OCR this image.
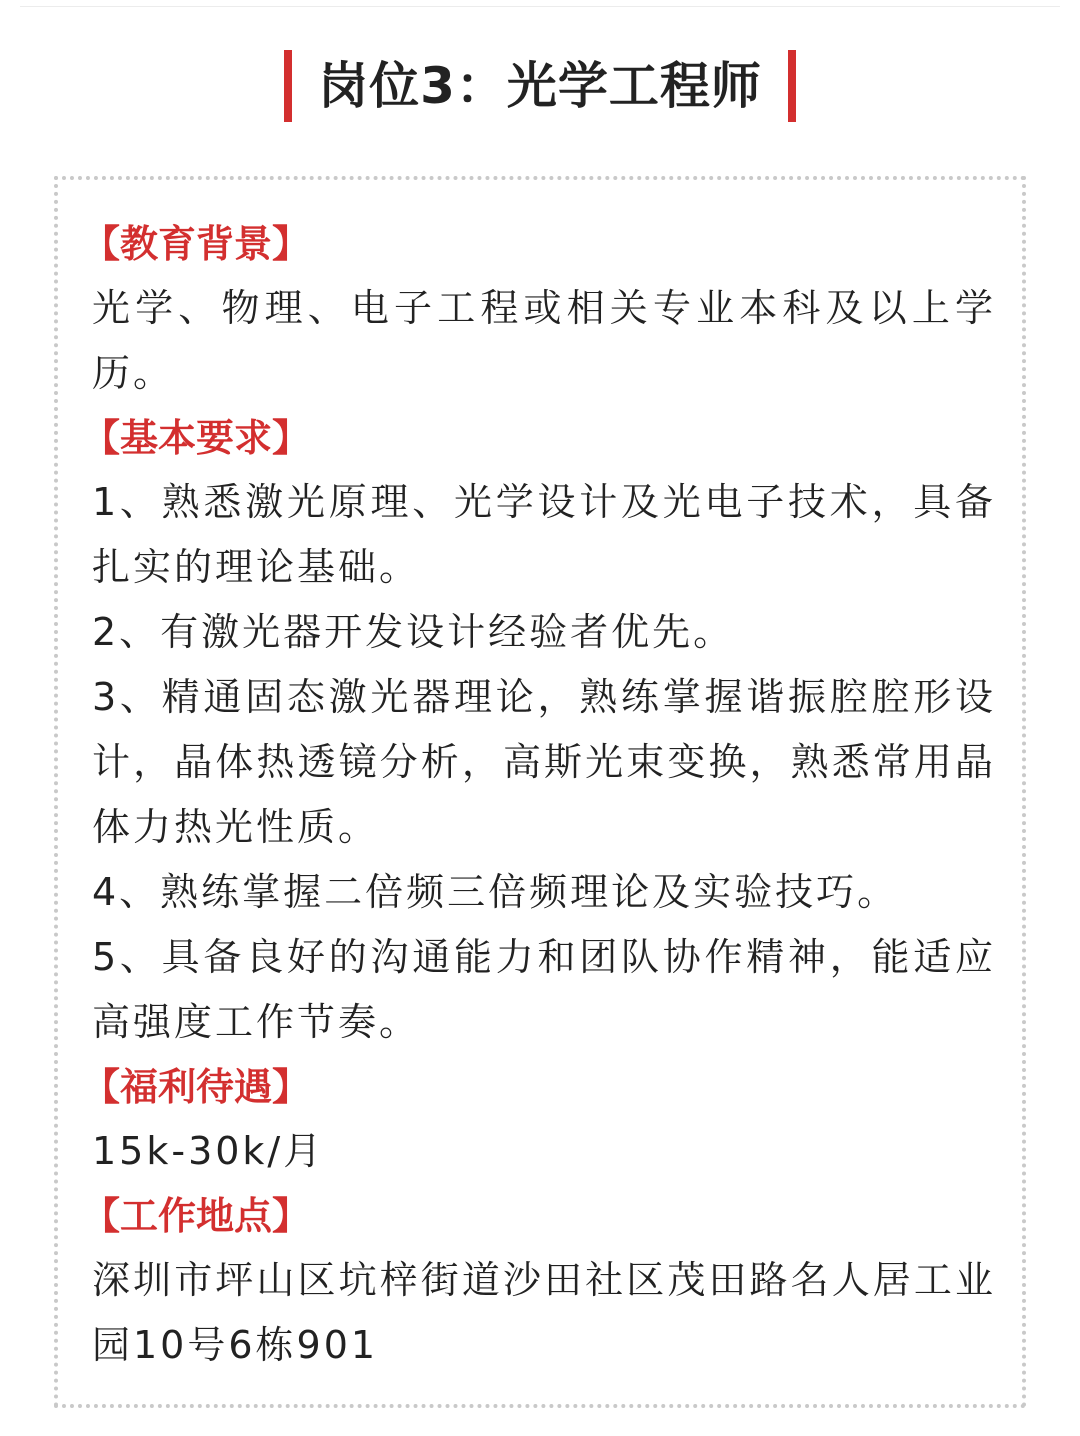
岗位3：光学工程师
【教育背景】
光学、物理、电子工程或相关专业本科及以上学历。
【基本要求】
1、熟悉激光原理、光学设计及光电子技术，具备扎实的理论基础。
2、有激光器开发设计经验者优先。
3、精通固态激光器理论，熟练掌握谐振腔腔形设计，晶体热透镜分析，高斯光束变换，熟悉常用晶体力热光性质。
4、熟练掌握二倍频三倍频理论及实验技巧。
5、具备良好的沟通能力和团队协作精神，能适应高强度工作节奏。
【福利待遇】
15k-30k/月
【工作地点】
深圳市坪山区坑梓街道沙田社区茂田路名人居工业园10号6栋901
